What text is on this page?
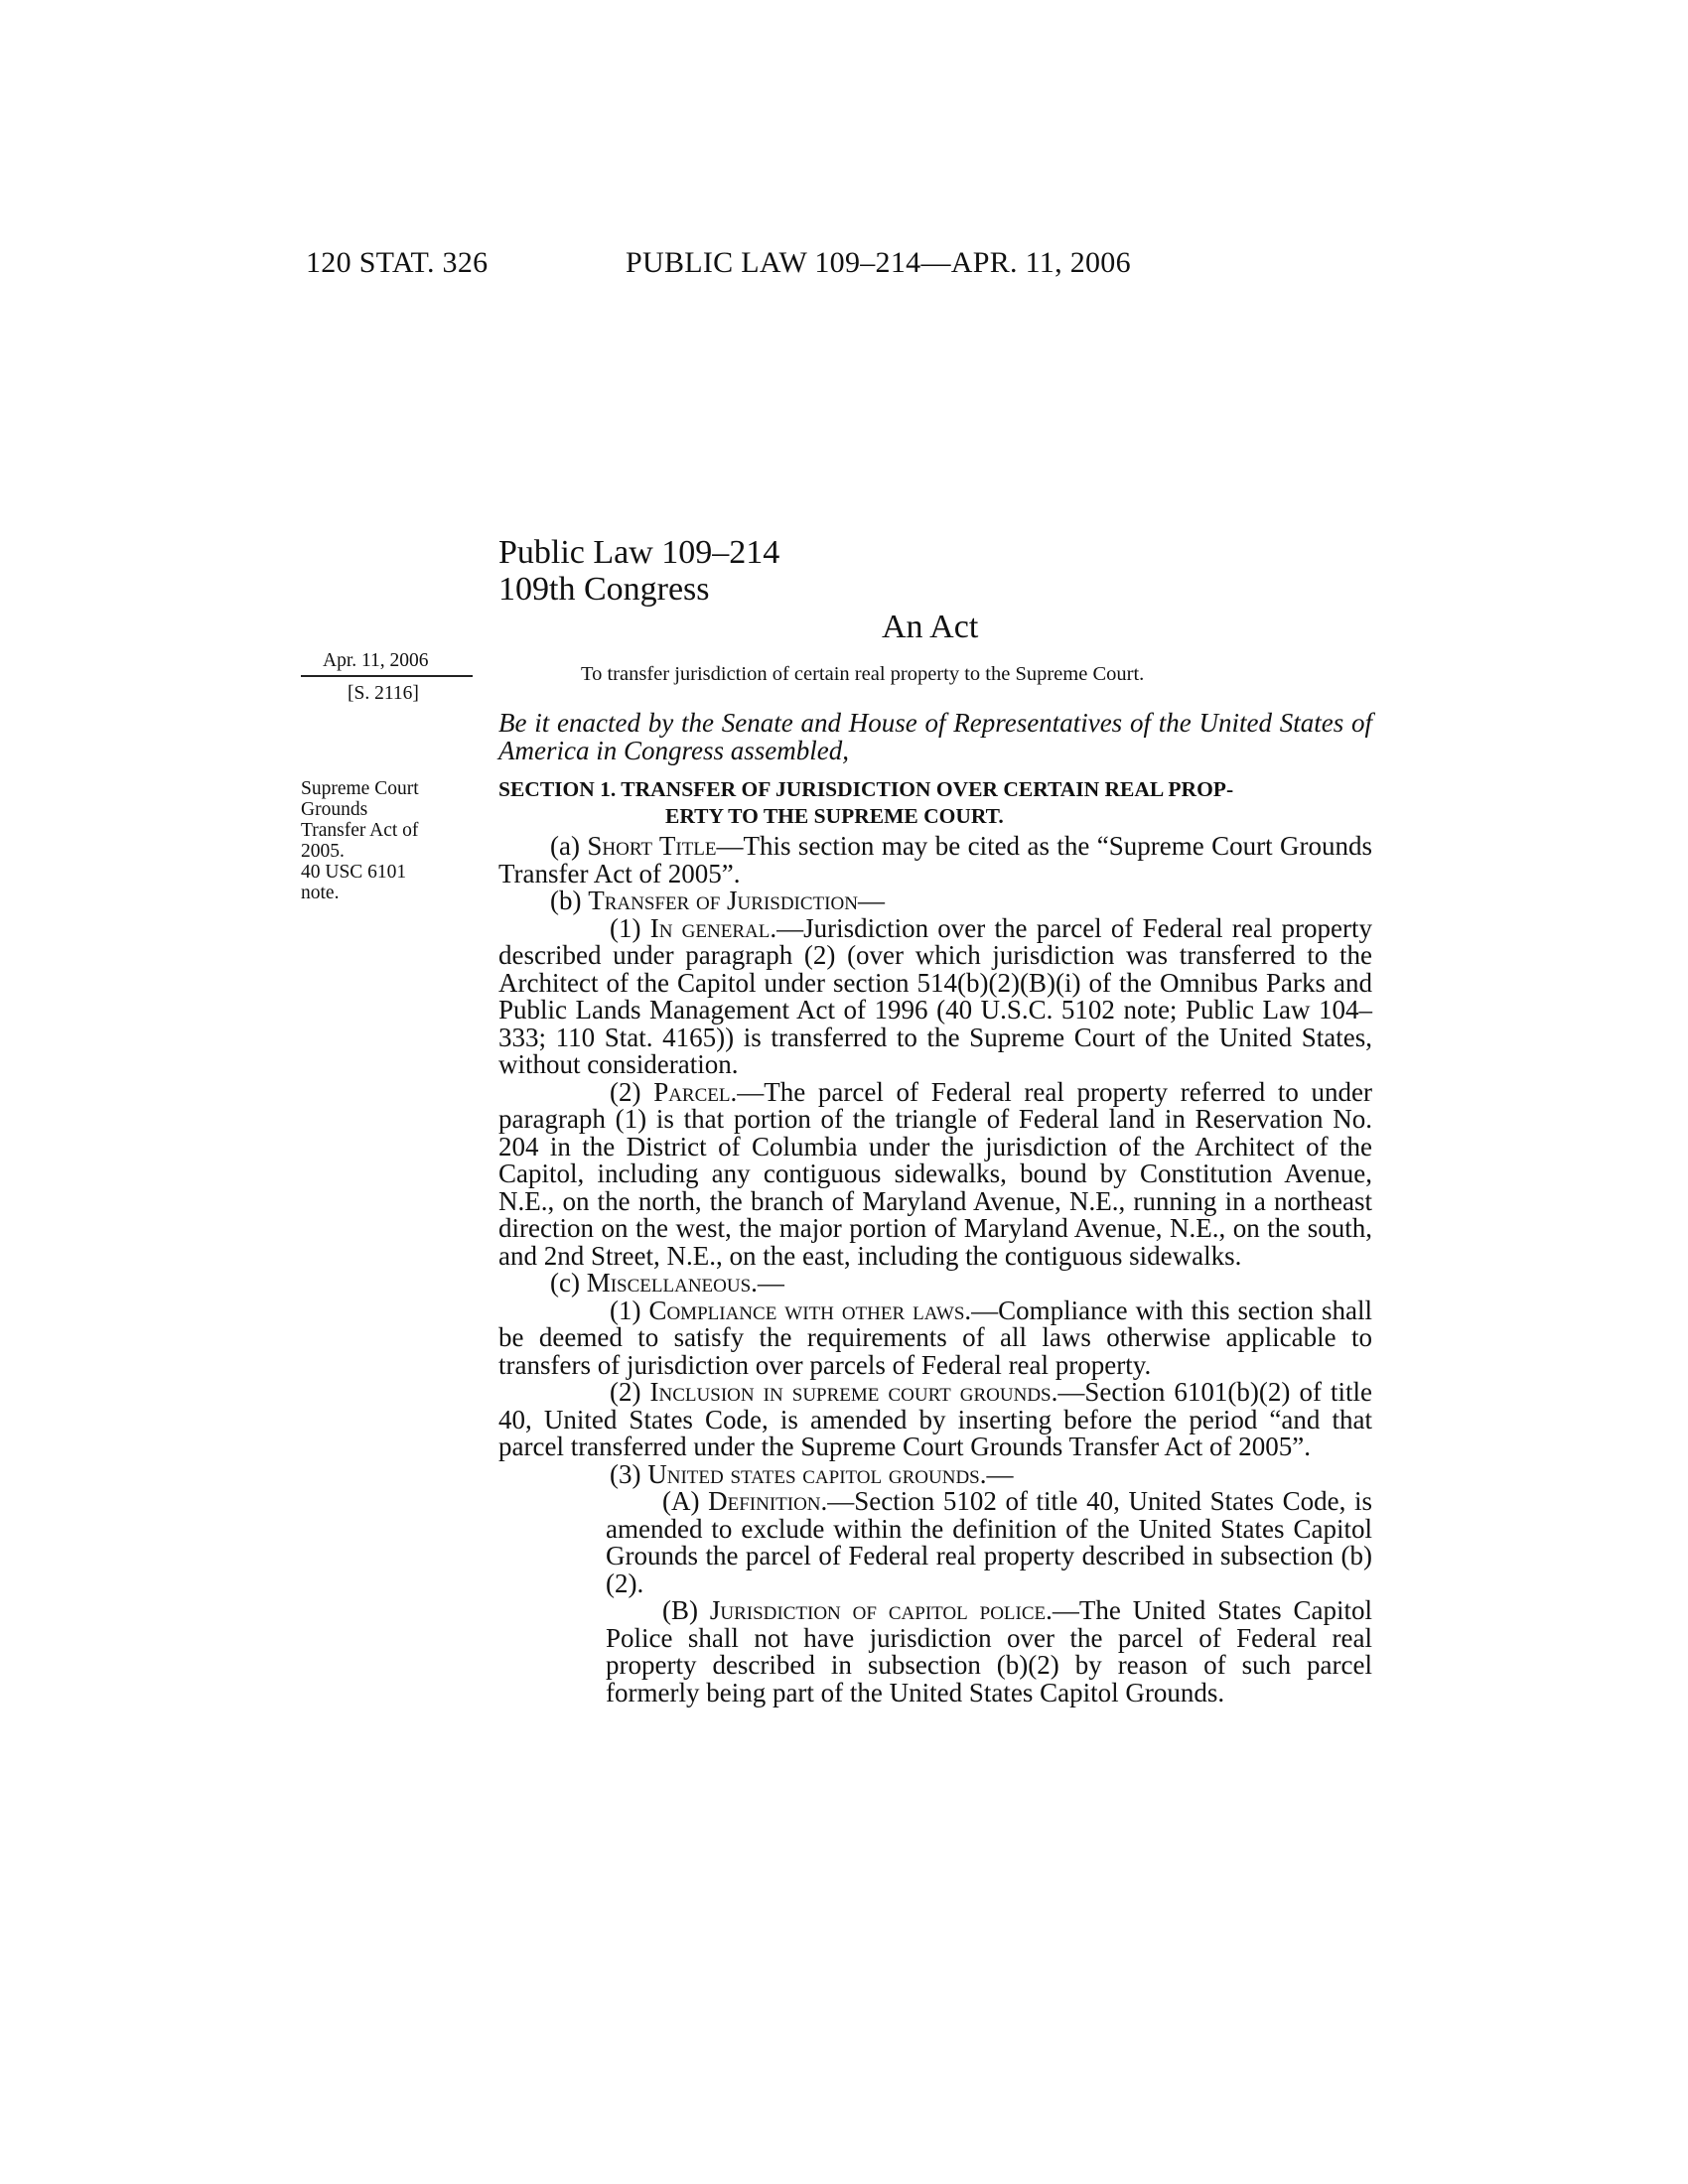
120 STAT. 326	PUBLIC LAW 109–214—APR. 11, 2006
Public Law 109–214
109th Congress
An Act
Apr. 11, 2006
[S. 2116]
Supreme Court
Grounds
Transfer Act of
2005.
40 USC 6101
note.
To transfer jurisdiction of certain real property to the Supreme Court.
Be it enacted by the Senate and House of Representatives of the United States of America in Congress assembled,
SECTION 1. TRANSFER OF JURISDICTION OVER CERTAIN REAL PROP-
ERTY TO THE SUPREME COURT.
(a) Short Title—This section may be cited as the “Supreme Court Grounds Transfer Act of 2005”.
(b) Transfer of Jurisdiction—
(1) In general.—Jurisdiction over the parcel of Federal real property described under paragraph (2) (over which jurisdiction was transferred to the Architect of the Capitol under section 514(b)(2)(B)(i) of the Omnibus Parks and Public Lands Management Act of 1996 (40 U.S.C. 5102 note; Public Law 104–333; 110 Stat. 4165)) is transferred to the Supreme Court of the United States, without consideration.
(2) Parcel.—The parcel of Federal real property referred to under paragraph (1) is that portion of the triangle of Federal land in Reservation No. 204 in the District of Columbia under the jurisdiction of the Architect of the Capitol, including any contiguous sidewalks, bound by Constitution Avenue, N.E., on the north, the branch of Maryland Avenue, N.E., running in a northeast direction on the west, the major portion of Maryland Avenue, N.E., on the south, and 2nd Street, N.E., on the east, including the contiguous sidewalks.
(c) Miscellaneous.—
(1) Compliance with other laws.—Compliance with this section shall be deemed to satisfy the requirements of all laws otherwise applicable to transfers of jurisdiction over parcels of Federal real property.
(2) Inclusion in supreme court grounds.—Section 6101(b)(2) of title 40, United States Code, is amended by inserting before the period “and that parcel transferred under the Supreme Court Grounds Transfer Act of 2005”.
(3) United states capitol grounds.—
(A) Definition.—Section 5102 of title 40, United States Code, is amended to exclude within the definition of the United States Capitol Grounds the parcel of Federal real property described in subsection (b)(2).
(B) Jurisdiction of capitol police.—The United States Capitol Police shall not have jurisdiction over the parcel of Federal real property described in subsection (b)(2) by reason of such parcel formerly being part of the United States Capitol Grounds.
